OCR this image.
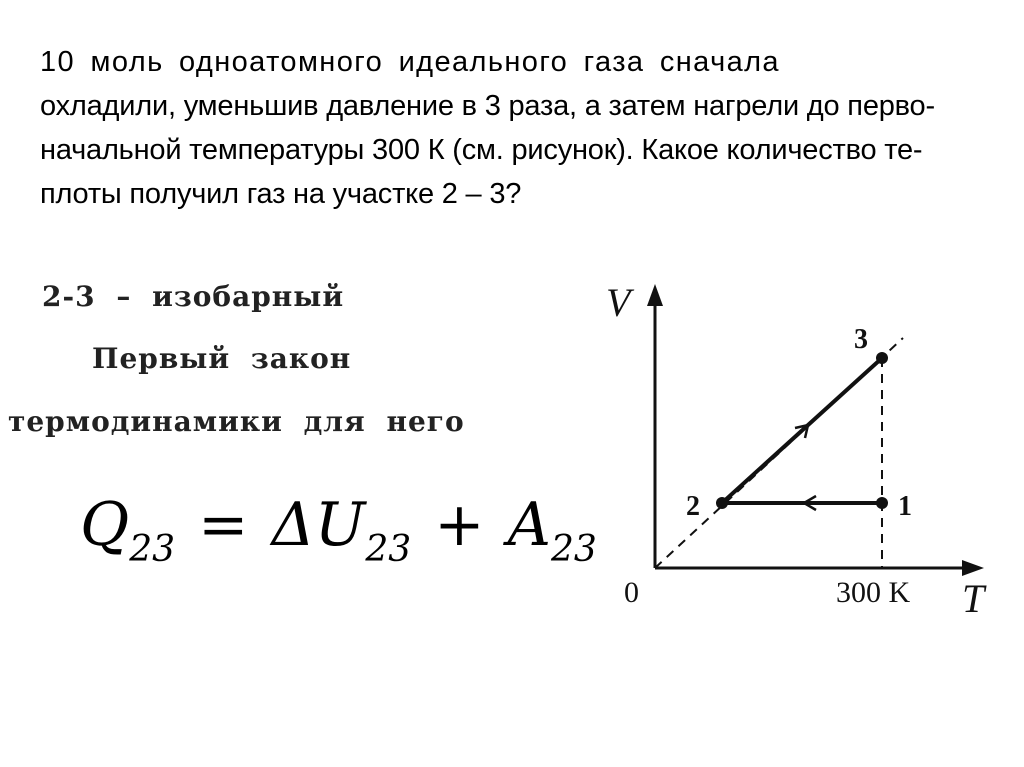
10 моль одноатомного идеального газа сначала
охладили, уменьшив давление в 3 раза, а затем нагрели до перво-
начальной температуры 300 К (см. рисунок). Какое количество те-
плоты получил газ на участке 2 – 3?
2-3 – изобарный
Первый закон
термодинамики для него
$Q_{23} = \Delta U_{23} + A_{23}$
1
2
3
V
T
0	300 K
